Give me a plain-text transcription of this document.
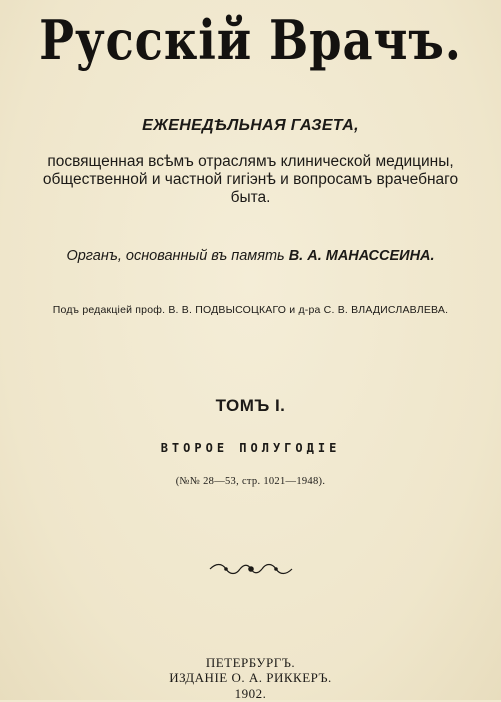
Русскiй Врачъ.
ЕЖЕНЕДѢЛЬНАЯ ГАЗЕТА,
посвященная всѣмъ отраслямъ клинической медицины,
общественной и частной гигіэнѣ и вопросамъ врачебнаго
быта.
Органъ, основанный въ память В. А. МАНАССЕИНА.
Подъ редакціей проф. В. В. ПОДВЫСОЦКАГО и д-ра С. В. ВЛАДИСЛАВЛЕВА.
ТОМЪ I.
ВТОРОЕ ПОЛУГОДІЕ
(№№ 28—53, стр. 1021—1948).
ПЕТЕРБУРГЪ.
ИЗДАНІЕ О. А. РИККЕРЪ.
1902.
